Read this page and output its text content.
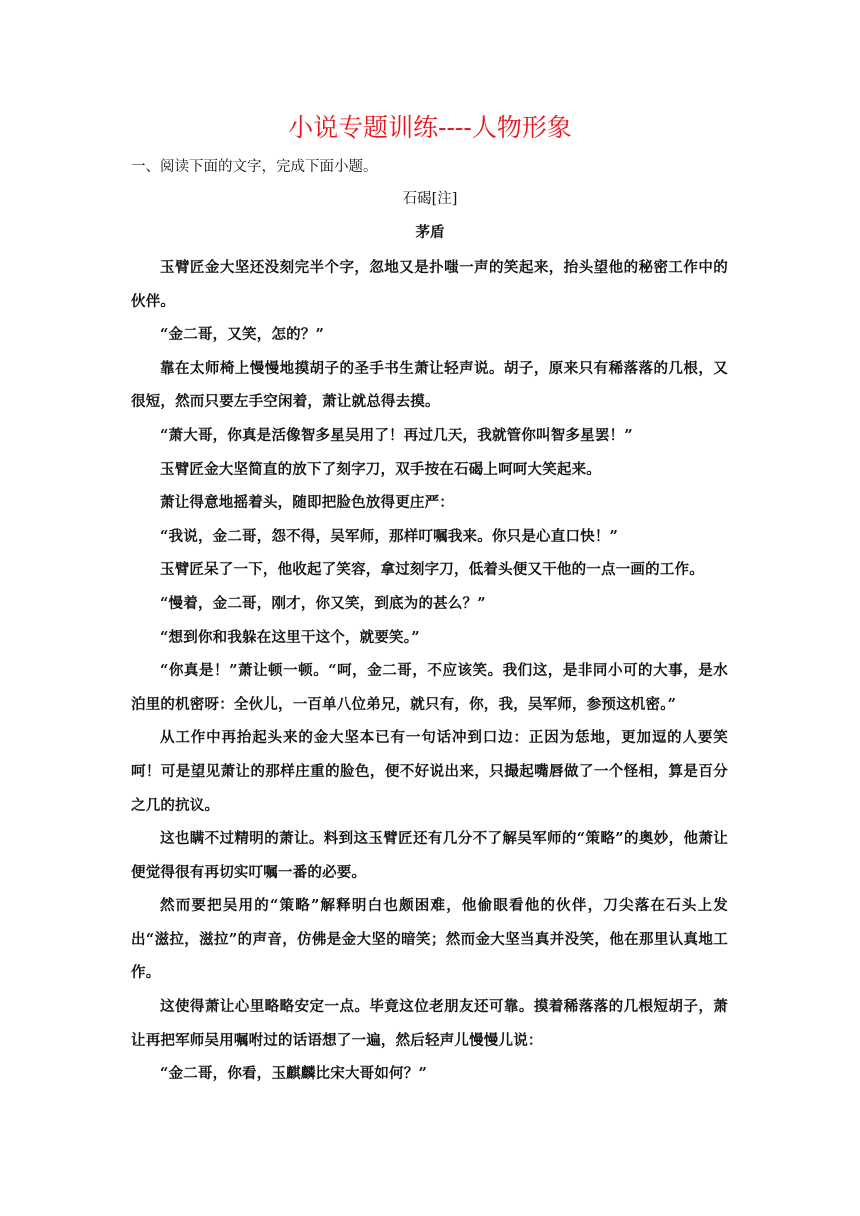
小说专题训练----人物形象
一、阅读下面的文字，完成下面小题。
石碣[注]
茅盾

玉臂匠金大坚还没刻完半个字，忽地又是扑嗤一声的笑起来，抬头望他的秘密工作中的伙伴。

“金二哥，又笑，怎的？”

靠在太师椅上慢慢地摸胡子的圣手书生萧让轻声说。胡子，原来只有稀落落的几根，又很短，然而只要左手空闲着，萧让就总得去摸。

“萧大哥，你真是活像智多星吴用了！再过几天，我就管你叫智多星罢！”

玉臂匠金大坚简直的放下了刻字刀，双手按在石碣上呵呵大笑起来。

萧让得意地摇着头，随即把脸色放得更庄严：

“我说，金二哥，怨不得，吴军师，那样叮嘱我来。你只是心直口快！”

玉臂匠呆了一下，他收起了笑容，拿过刻字刀，低着头便又干他的一点一画的工作。

“慢着，金二哥，刚才，你又笑，到底为的甚么？”

“想到你和我躲在这里干这个，就要笑。”

“你真是！”萧让顿一顿。“呵，金二哥，不应该笑。我们这，是非同小可的大事，是水泊里的机密呀：全伙儿，一百单八位弟兄，就只有，你，我，吴军师，参预这机密。”

从工作中再抬起头来的金大坚本已有一句话冲到口边：正因为恁地，更加逗的人要笑呵！可是望见萧让的那样庄重的脸色，便不好说出来，只撮起嘴唇做了一个怪相，算是百分之几的抗议。

这也瞒不过精明的萧让。料到这玉臂匠还有几分不了解吴军师的“策略”的奥妙，他萧让便觉得很有再切实叮嘱一番的必要。

然而要把吴用的“策略”解释明白也颇困难，他偷眼看他的伙伴，刀尖落在石头上发出“滋拉，滋拉”的声音，仿佛是金大坚的暗笑；然而金大坚当真并没笑，他在那里认真地工作。

这使得萧让心里略略安定一点。毕竟这位老朋友还可靠。摸着稀落落的几根短胡子，萧让再把军师吴用嘱咐过的话语想了一遍，然后轻声儿慢慢儿说：

“金二哥，你看，玉麒麟比宋大哥如何？”
